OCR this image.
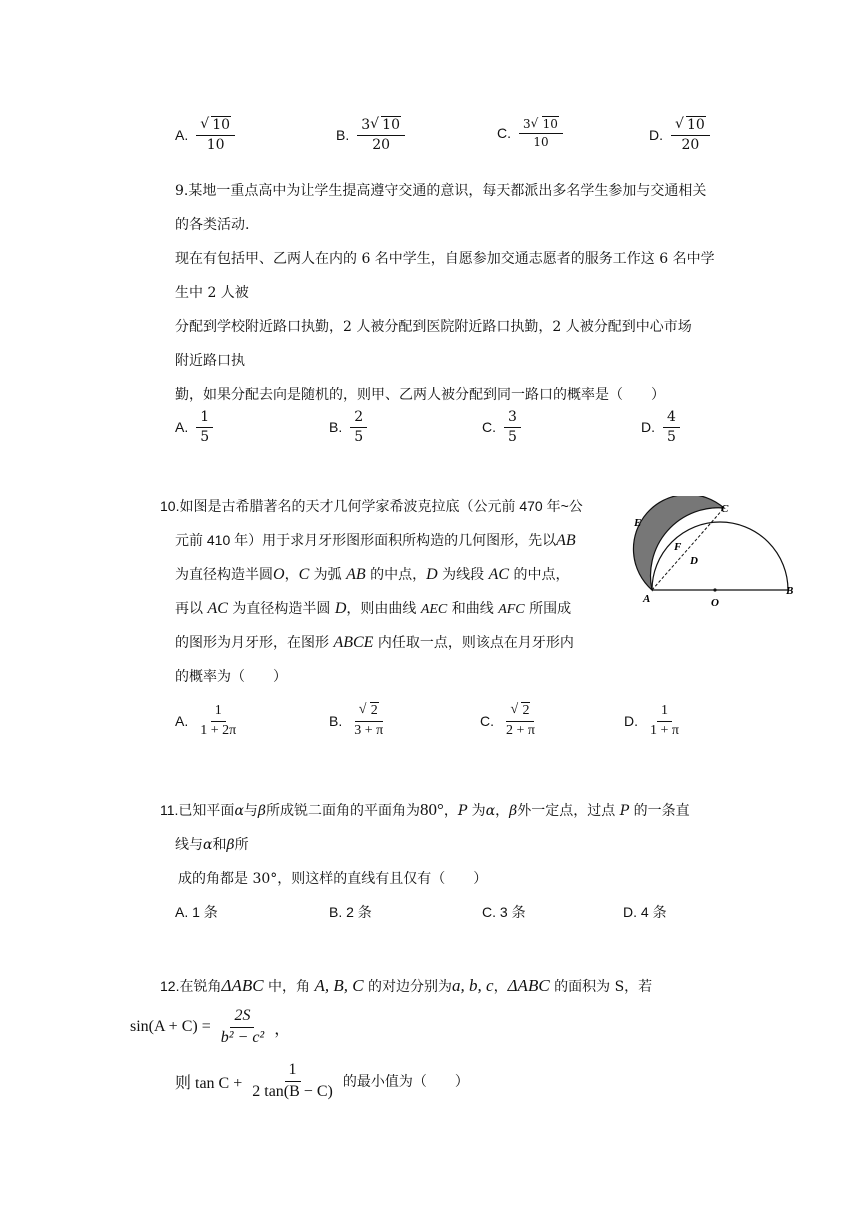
A. $\frac{√ 10}{10}$	B. $\frac{3 √ 10}{20}$	C. $\frac{3 √ 10}{10}$	D. $\frac{√ 10}{20}$
9.某地一重点高中为让学生提高遵守交通的意识，每天都派出多名学生参加与交通相关
的各类活动.
现在有包括甲、乙两人在内的 6 名中学生，自愿参加交通志愿者的服务工作这 6 名中学
生中 2 人被
分配到学校附近路口执勤，2 人被分配到医院附近路口执勤，2 人被分配到中心市场
附近路口执
勤，如果分配去向是随机的，则甲、乙两人被分配到同一路口的概率是（　　）
A. $\frac{1}{5}$	B. $\frac{2}{5}$	C. $\frac{3}{5}$	D. $\frac{4}{5}$
10.如图是古希腊著名的天才几何学家希波克拉底（公元前 470 年~公
元前 410 年）用于求月牙形图形面积所构造的几何图形，先以AB
为直径构造半圆O，C 为弧 AB 的中点，D 为线段 AC 的中点，
再以 AC 为直径构造半圆 D，则由曲线 AEC 和曲线 AFC 所围成
的图形为月牙形，在图形 ABCE 内任取一点，则该点在月牙形内
的概率为（　　）
E
C
F
D
A	O
B
A. $\frac{1}{1 + 2\pi}$	B. $\frac{√ 2}{3 + \pi}$	C. $\frac{√ 2}{2 + \pi}$	D. $\frac{1}{1 + \pi}$
11.已知平面α与β所成锐二面角的平面角为80°，P 为α，β外一定点，过点 P 的一条直
线与α和β所
成的角都是 30°，则这样的直线有且仅有（　　）
A. 1 条	B. 2 条	C. 3 条	D. 4 条
12.在锐角ΔABC 中，角 A, B, C 的对边分别为a, b, c，ΔABC 的面积为 S，若
$\sin(A + C) = \frac{2S}{\text{b² − c²}}$ ，
则 $\tan C + \frac{1}{2 \tan(B - C)}$ 的最小值为（　　）
